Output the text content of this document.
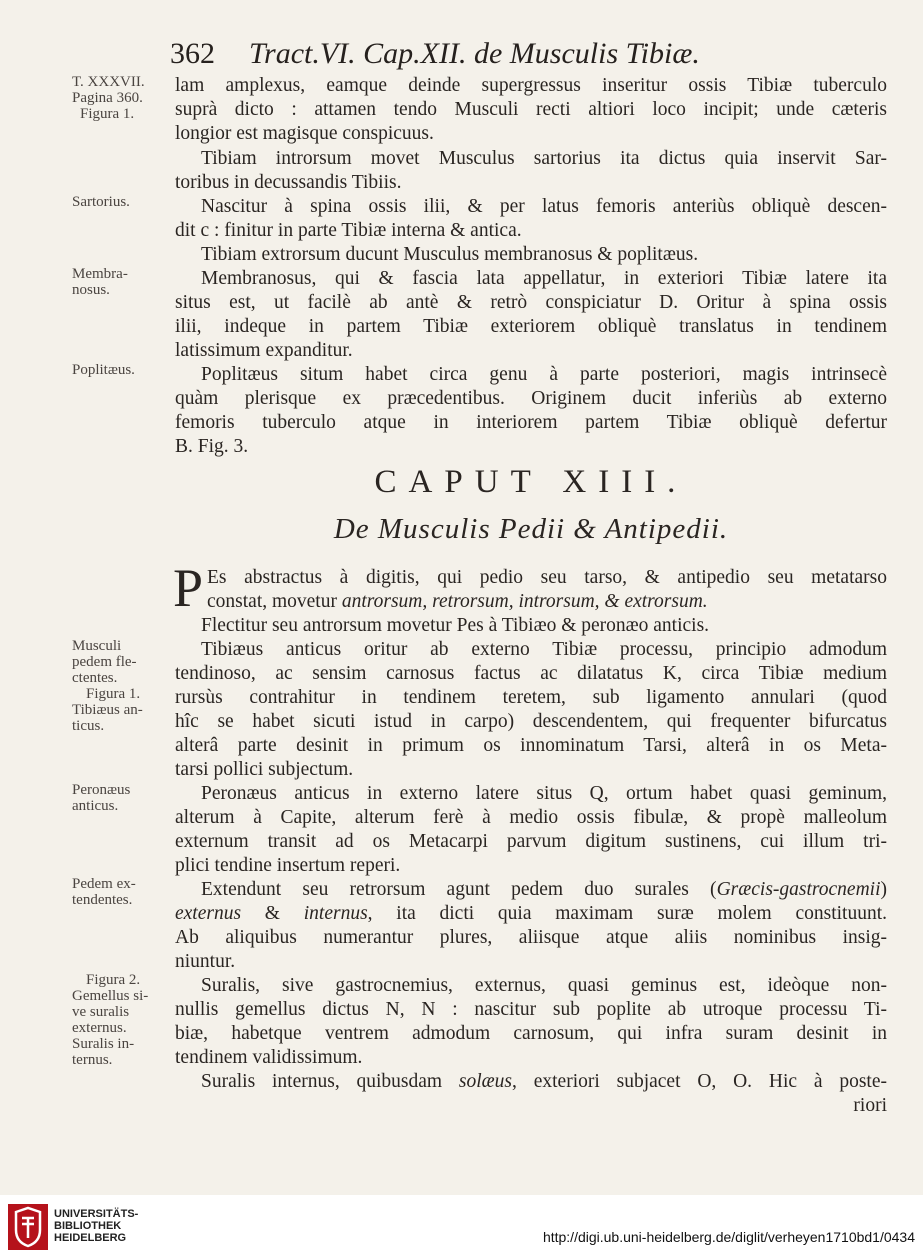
362 Tract.VI. Cap.XII. de Musculis Tibiæ.
T. XXXVII.
Pagina 360.
Figura 1.
Sartorius.
Membra-
nosus.
Poplitæus.
Musculi
pedem fle-
ctentes.
Figura 1.
Tibiæus an-
ticus.
Peronæus
anticus.
Pedem ex-
tendentes.
Figura 2.
Gemellus si-
ve suralis
externus.
Suralis in-
ternus.
lam amplexus, eamque deinde supergressus inseritur ossis Tibiæ tuberculo
suprà dicto : attamen tendo Musculi recti altiori loco incipit; unde cæteris
longior est magisque conspicuus.
Tibiam introrsum movet Musculus sartorius ita dictus quia inservit Sar-
toribus in decussandis Tibiis.
Nascitur à spina ossis ilii, & per latus femoris anteriùs obliquè descen-
dit c : finitur in parte Tibiæ interna & antica.
Tibiam extrorsum ducunt Musculus membranosus & poplitæus.
Membranosus, qui & fascia lata appellatur, in exteriori Tibiæ latere ita
situs est, ut facilè ab antè & retrò conspiciatur D. Oritur à spina ossis
ilii, indeque in partem Tibiæ exteriorem obliquè translatus in tendinem
latissimum expanditur.
Poplitæus situm habet circa genu à parte posteriori, magis intrinsecè
quàm plerisque ex præcedentibus. Originem ducit inferiùs ab externo
femoris tuberculo atque in interiorem partem Tibiæ obliquè defertur
B. Fig. 3.
CAPUT XIII.
De Musculis Pedii & Antipedii.
P Es abstractus à digitis, qui pedio seu tarso, & antipedio seu metatarso
constat, movetur antrorsum, retrorsum, introrsum, & extrorsum.
Flectitur seu antrorsum movetur Pes à Tibiæo & peronæo anticis.
Tibiæus anticus oritur ab externo Tibiæ processu, principio admodum
tendinoso, ac sensim carnosus factus ac dilatatus K, circa Tibiæ medium
rursùs contrahitur in tendinem teretem, sub ligamento annulari (quod
hîc se habet sicuti istud in carpo) descendentem, qui frequenter bifurcatus
alterâ parte desinit in primum os innominatum Tarsi, alterâ in os Meta-
tarsi pollici subjectum.
Peronæus anticus in externo latere situs Q, ortum habet quasi geminum,
alterum à Capite, alterum ferè à medio ossis fibulæ, & propè malleolum
externum transit ad os Metacarpi parvum digitum sustinens, cui illum tri-
plici tendine insertum reperi.
Extendunt seu retrorsum agunt pedem duo surales (Græcis-gastrocnemii)
externus & internus, ita dicti quia maximam suræ molem constituunt.
Ab aliquibus numerantur plures, aliisque atque aliis nominibus insig-
niuntur.
Suralis, sive gastrocnemius, externus, quasi geminus est, ideòque non-
nullis gemellus dictus N, N : nascitur sub poplite ab utroque processu Ti-
biæ, habetque ventrem admodum carnosum, qui infra suram desinit in
tendinem validissimum.
Suralis internus, quibusdam solæus, exteriori subjacet O, O. Hic à poste-
riori
UNIVERSITÄTS-
BIBLIOTHEK
HEIDELBERG	http://digi.ub.uni-heidelberg.de/diglit/verheyen1710bd1/0434
